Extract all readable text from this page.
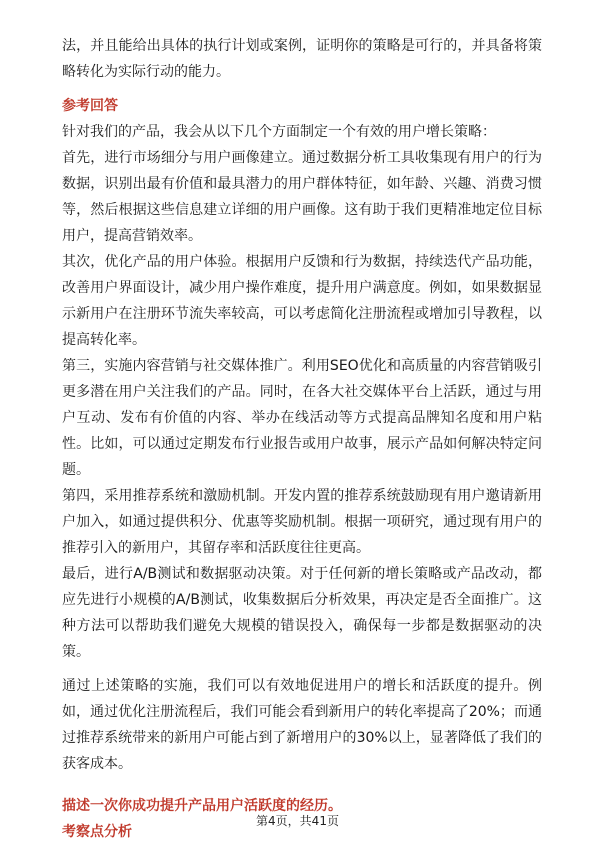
法，并且能给出具体的执行计划或案例，证明你的策略是可行的，并具备将策略转化为实际行动的能力。

参考回答

针对我们的产品，我会从以下几个方面制定一个有效的用户增长策略：

首先，进行市场细分与用户画像建立。通过数据分析工具收集现有用户的行为数据，识别出最有价值和最具潜力的用户群体特征，如年龄、兴趣、消费习惯等，然后根据这些信息建立详细的用户画像。这有助于我们更精准地定位目标用户，提高营销效率。

其次，优化产品的用户体验。根据用户反馈和行为数据，持续迭代产品功能，改善用户界面设计，减少用户操作难度，提升用户满意度。例如，如果数据显示新用户在注册环节流失率较高，可以考虑简化注册流程或增加引导教程，以提高转化率。

第三，实施内容营销与社交媒体推广。利用SEO优化和高质量的内容营销吸引更多潜在用户关注我们的产品。同时，在各大社交媒体平台上活跃，通过与用户互动、发布有价值的内容、举办在线活动等方式提高品牌知名度和用户粘性。比如，可以通过定期发布行业报告或用户故事，展示产品如何解决特定问题。

第四，采用推荐系统和激励机制。开发内置的推荐系统鼓励现有用户邀请新用户加入，如通过提供积分、优惠等奖励机制。根据一项研究，通过现有用户的推荐引入的新用户，其留存率和活跃度往往更高。

最后，进行A/B测试和数据驱动决策。对于任何新的增长策略或产品改动，都应先进行小规模的A/B测试，收集数据后分析效果，再决定是否全面推广。这种方法可以帮助我们避免大规模的错误投入，确保每一步都是数据驱动的决策。

通过上述策略的实施，我们可以有效地促进用户的增长和活跃度的提升。例如，通过优化注册流程后，我们可能会看到新用户的转化率提高了20%；而通过推荐系统带来的新用户可能占到了新增用户的30%以上，显著降低了我们的获客成本。

描述一次你成功提升产品用户活跃度的经历。

考察点分析

第4页，共41页
